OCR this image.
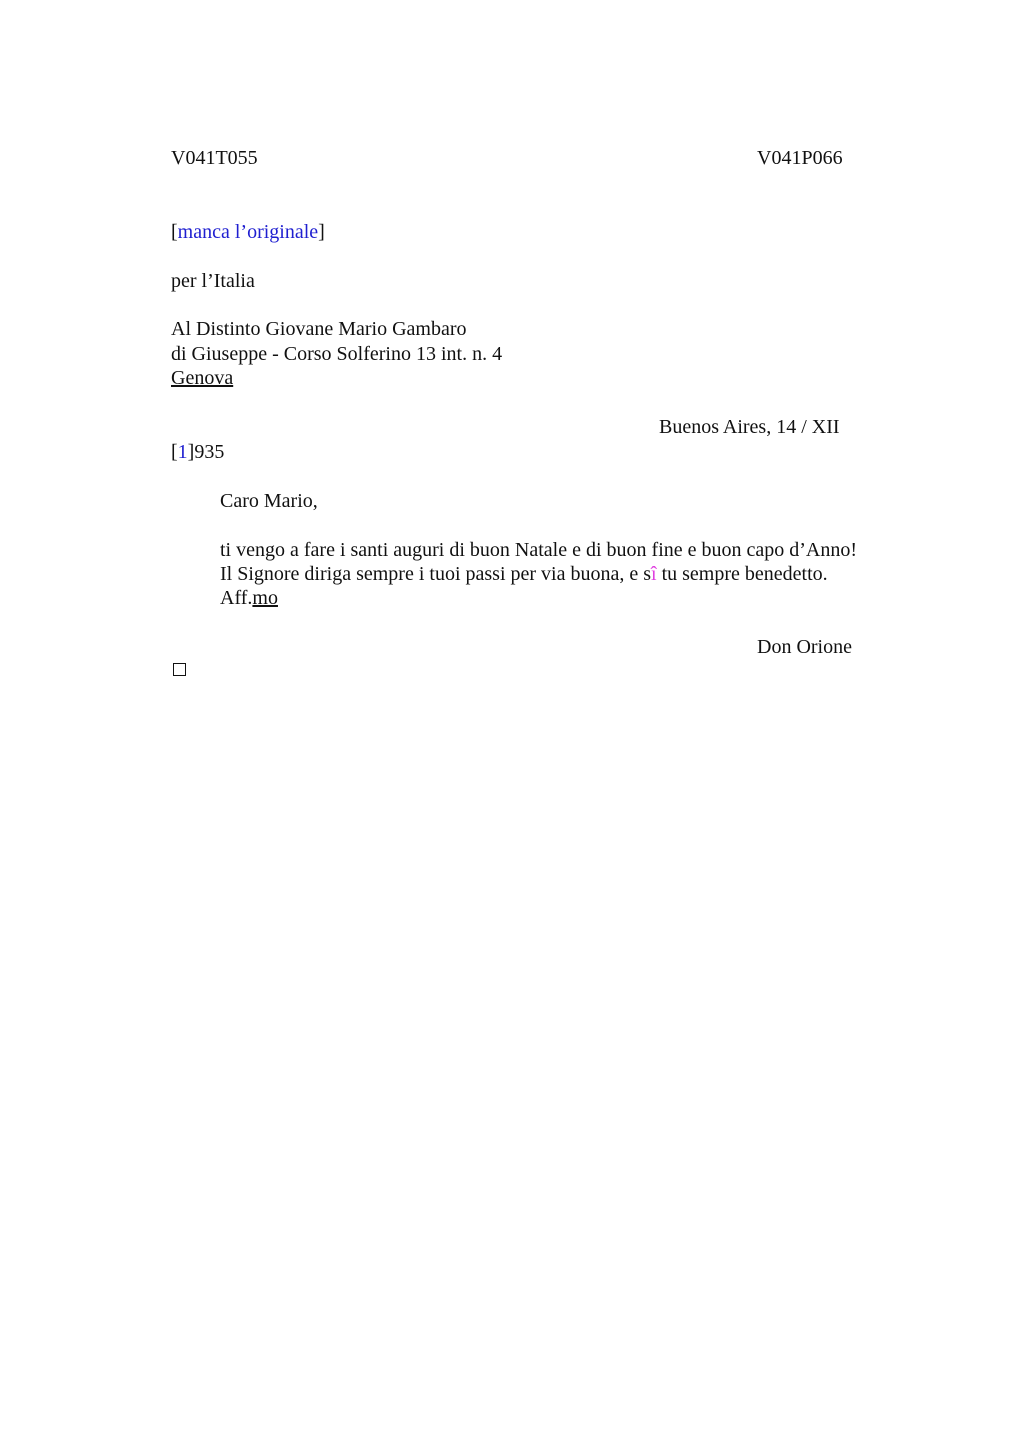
V041T055	V041P066
[manca l’originale]
per l’Italia
Al Distinto Giovane Mario Gambaro
di Giuseppe - Corso Solferino 13 int. n. 4
Genova
Buenos Aires, 14 / XII
[1]935
Caro Mario,
ti vengo a fare i santi auguri di buon Natale e di buon fine e buon capo d’Anno!
Il Signore diriga sempre i tuoi passi per via buona, e sî tu sempre benedetto.
Aff.mo
Don Orione
